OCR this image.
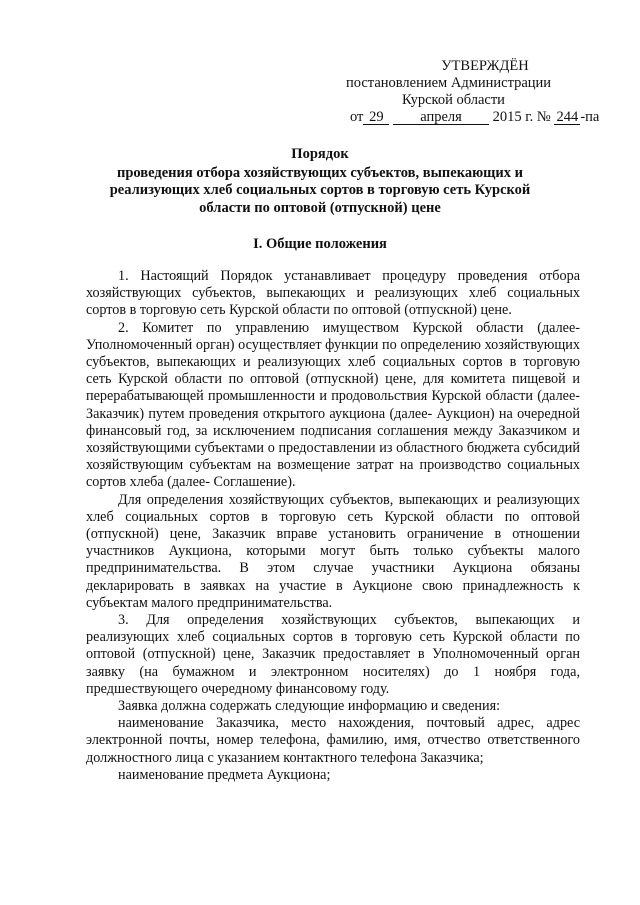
УТВЕРЖДЁН
постановлением Администрации
Курской области
от 29	апреля 2015 г. № 244 -па
Порядок
проведения отбора хозяйствующих субъектов, выпекающих и реализующих хлеб социальных сортов в торговую сеть Курской области по оптовой (отпускной) цене
I. Общие положения

1. Настоящий Порядок устанавливает процедуру проведения отбора хозяйствующих субъектов, выпекающих и реализующих хлеб социальных сортов в торговую сеть Курской области по оптовой (отпускной) цене.

2. Комитет по управлению имуществом Курской области (далее- Уполномоченный орган) осуществляет функции по определению хозяйствующих субъектов, выпекающих и реализующих хлеб социальных сортов в торговую сеть Курской области по оптовой (отпускной) цене, для комитета пищевой и перерабатывающей промышленности и продовольствия Курской области (далее- Заказчик) путем проведения открытого аукциона (далее- Аукцион) на очередной финансовый год, за исключением подписания соглашения между Заказчиком и хозяйствующими субъектами о предоставлении из областного бюджета субсидий хозяйствующим субъектам на возмещение затрат на производство социальных сортов хлеба (далее- Соглашение).

Для определения хозяйствующих субъектов, выпекающих и реализующих хлеб социальных сортов в торговую сеть Курской области по оптовой (отпускной) цене, Заказчик вправе установить ограничение в отношении участников Аукциона, которыми могут быть только субъекты малого предпринимательства. В этом случае участники Аукциона обязаны декларировать в заявках на участие в Аукционе свою принадлежность к субъектам малого предпринимательства.

3. Для определения хозяйствующих субъектов, выпекающих и реализующих хлеб социальных сортов в торговую сеть Курской области по оптовой (отпускной) цене, Заказчик предоставляет в Уполномоченный орган заявку (на бумажном и электронном носителях) до 1 ноября года, предшествующего очередному финансовому году.

Заявка должна содержать следующие информацию и сведения:

наименование Заказчика, место нахождения, почтовый адрес, адрес электронной почты, номер телефона, фамилию, имя, отчество ответственного должностного лица с указанием контактного телефона Заказчика;

наименование предмета Аукциона;
